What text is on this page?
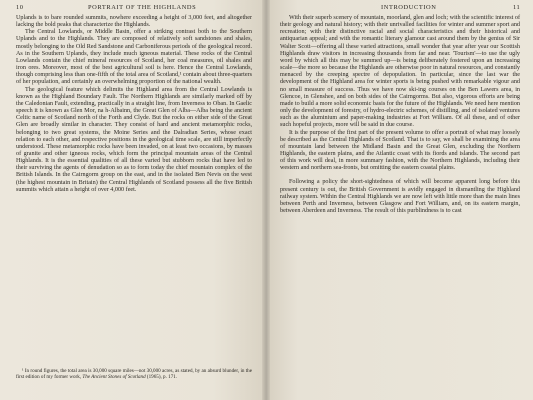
10	PORTRAIT OF THE HIGHLANDS

Uplands is to bare rounded summits, nowhere exceeding a height of 3,000 feet, and altogether lacking the bold peaks that characterize the Highlands.

The Central Lowlands, or Middle Basin, offer a striking contrast both to the Southern Uplands and to the Highlands. They are composed of relatively soft sandstones and shales, mostly belonging to the Old Red Sandstone and Carboniferous periods of the geological record. As in the Southern Uplands, they include much igneous material. These rocks of the Central Lowlands contain the chief mineral resources of Scotland, her coal measures, oil shales and iron ores. Moreover, most of the best agricultural soil is here. Hence the Central Lowlands, though comprising less than one-fifth of the total area of Scotland,¹ contain about three-quarters of her population, and certainly an overwhelming proportion of the national wealth.

The geological feature which delimits the Highland area from the Central Lowlands is known as the Highland Boundary Fault. The Northern Highlands are similarly marked off by the Caledonian Fault, extending, practically in a straight line, from Inverness to Oban. In Gaelic speech it is known as Glen Mor, na h-Albainn, the Great Glen of Alba—Alba being the ancient Celtic name of Scotland north of the Forth and Clyde. But the rocks on either side of the Great Glen are broadly similar in character. They consist of hard and ancient metamorphic rocks, belonging to two great systems, the Moine Series and the Dalradian Series, whose exact relation to each other, and respective positions in the geological time scale, are still imperfectly understood. These metamorphic rocks have been invaded, on at least two occasions, by masses of granite and other igneous rocks, which form the principal mountain areas of the Central Highlands. It is the essential qualities of all these varied but stubborn rocks that have led to their surviving the agents of denudation so as to form today the chief mountain complex of the British Islands. In the Cairngorm group on the east, and in the isolated Ben Nevis on the west (the highest mountain in Britain) the Central Highlands of Scotland possess all the five British summits which attain a height of over 4,000 feet.

¹ In round figures, the total area is 30,000 square miles—not 30,000 acres, as stated, by an absurd blunder, in the first edition of my former work, The Ancient Stones of Scotland (1965), p. 171.

INTRODUCTION	11

With their superb scenery of mountain, moorland, glen and loch; with the scientific interest of their geology and natural history; with their unrivalled facilities for winter and summer sport and recreation; with their distinctive racial and social characteristics and their historical and antiquarian appeal; and with the romantic literary glamour cast around them by the genius of Sir Walter Scott—offering all these varied attractions, small wonder that year after year our Scottish Highlands draw visitors in increasing thousands from far and near. 'Tourism'—to use the ugly word by which all this may be summed up—is being deliberately fostered upon an increasing scale—the more so because the Highlands are otherwise poor in natural resources, and constantly menaced by the creeping spectre of depopulation. In particular, since the last war the development of the Highland area for winter sports is being pushed with remarkable vigour and no small measure of success. Thus we have now ski-ing courses on the Ben Lawers area, in Glencoe, in Glenshee, and on both sides of the Cairngorms. But also, vigorous efforts are being made to build a more solid economic basis for the future of the Highlands. We need here mention only the development of forestry, of hydro-electric schemes, of distilling, and of isolated ventures such as the aluminium and paper-making industries at Fort William. Of all these, and of other such hopeful projects, more will be said in due course.

It is the purpose of the first part of the present volume to offer a portrait of what may loosely be described as the Central Highlands of Scotland. That is to say, we shall be examining the area of mountain land between the Midland Basin and the Great Glen, excluding the Northern Highlands, the eastern plains, and the Atlantic coast with its fiords and islands. The second part of this work will deal, in more summary fashion, with the Northern Highlands, including their western and northern sea-fronts, but omitting the eastern coastal plains.

Following a policy the short-sightedness of which will become apparent long before this present century is out, the British Government is avidly engaged in dismantling the Highland railway system. Within the Central Highlands we are now left with little more than the main lines between Perth and Inverness, between Glasgow and Fort William, and, on its eastern margin, between Aberdeen and Inverness. The result of this purblindness is to cast
